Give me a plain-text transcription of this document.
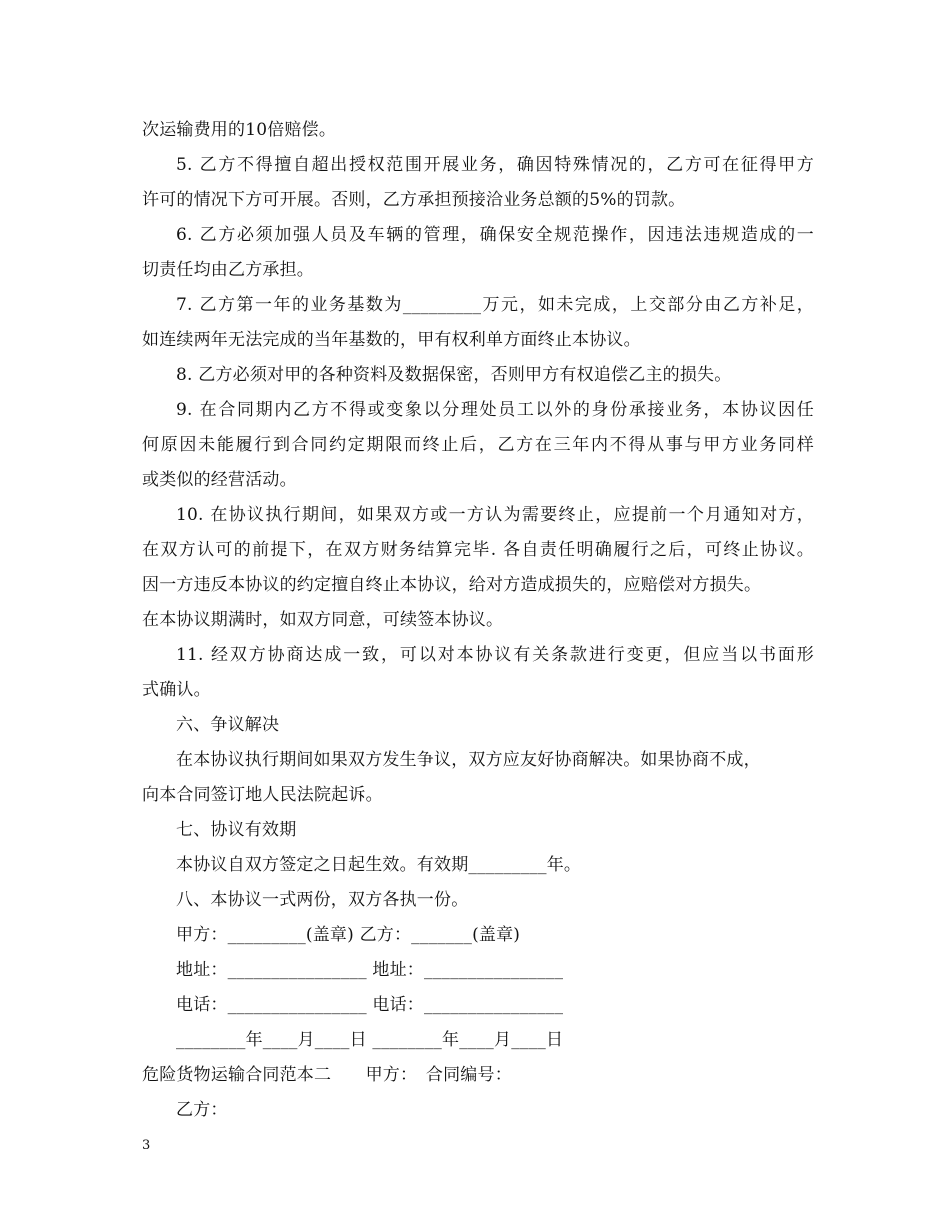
次运输费用的10倍赔偿。
5. 乙方不得擅自超出授权范围开展业务，确因特殊情况的，乙方可在征得甲方
许可的情况下方可开展。否则，乙方承担预接洽业务总额的5%的罚款。
6. 乙方必须加强人员及车辆的管理，确保安全规范操作，因违法违规造成的一
切责任均由乙方承担。
7. 乙方第一年的业务基数为_________万元，如未完成，上交部分由乙方补足，
如连续两年无法完成的当年基数的，甲有权利单方面终止本协议。
8. 乙方必须对甲的各种资料及数据保密，否则甲方有权追偿乙主的损失。
9. 在合同期内乙方不得或变象以分理处员工以外的身份承接业务，本协议因任
何原因未能履行到合同约定期限而终止后，乙方在三年内不得从事与甲方业务同样
或类似的经营活动。
10. 在协议执行期间，如果双方或一方认为需要终止，应提前一个月通知对方，
在双方认可的前提下，在双方财务结算完毕. 各自责任明确履行之后，可终止协议。
因一方违反本协议的约定擅自终止本协议，给对方造成损失的，应赔偿对方损失。
在本协议期满时，如双方同意，可续签本协议。
11. 经双方协商达成一致，可以对本协议有关条款进行变更，但应当以书面形
式确认。
六、争议解决
在本协议执行期间如果双方发生争议，双方应友好协商解决。如果协商不成，
向本合同签订地人民法院起诉。
七、协议有效期
本协议自双方签定之日起生效。有效期_________年。
八、本协议一式两份，双方各执一份。
甲方：_________(盖章) 乙方：_______(盖章)
地址：________________ 地址：________________
电话：________________ 电话：________________
________年____月____日 ________年____月____日
危险货物运输合同范本二　　甲方：　合同编号：
乙方：
3
